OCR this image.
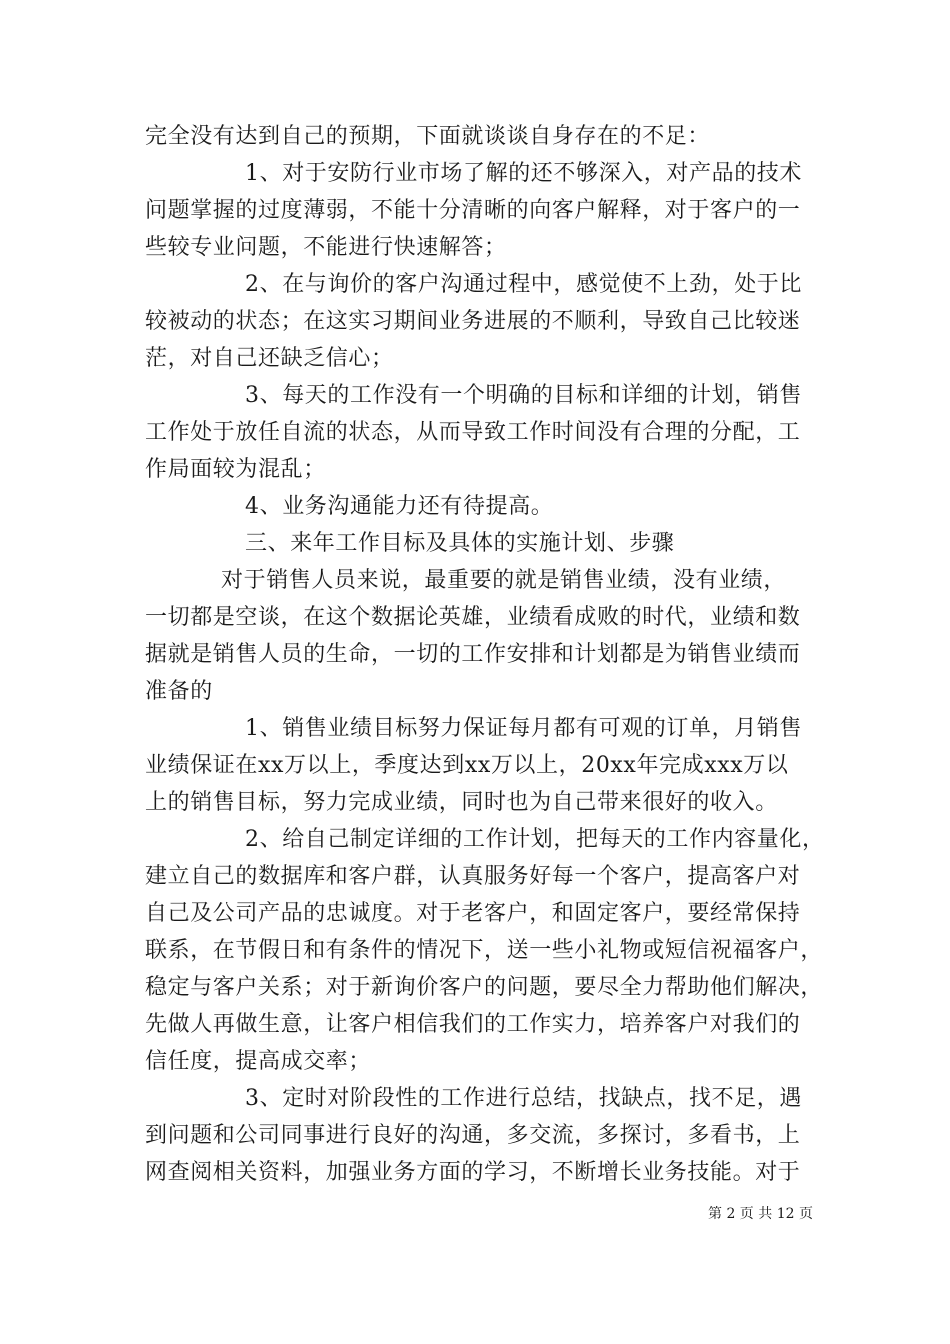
完全没有达到自己的预期，下面就谈谈自身存在的不足：
1、对于安防行业市场了解的还不够深入，对产品的技术
问题掌握的过度薄弱，不能十分清晰的向客户解释，对于客户的一
些较专业问题，不能进行快速解答；
2、在与询价的客户沟通过程中，感觉使不上劲，处于比
较被动的状态；在这实习期间业务进展的不顺利，导致自己比较迷
茫，对自己还缺乏信心；
3、每天的工作没有一个明确的目标和详细的计划，销售
工作处于放任自流的状态，从而导致工作时间没有合理的分配，工
作局面较为混乱；
4、业务沟通能力还有待提高。
三、来年工作目标及具体的实施计划、步骤
对于销售人员来说，最重要的就是销售业绩，没有业绩，
一切都是空谈，在这个数据论英雄，业绩看成败的时代，业绩和数
据就是销售人员的生命，一切的工作安排和计划都是为销售业绩而
准备的
1、销售业绩目标努力保证每月都有可观的订单，月销售
业绩保证在xx万以上，季度达到xx万以上，20xx年完成xxx万以
上的销售目标，努力完成业绩，同时也为自己带来很好的收入。
2、给自己制定详细的工作计划，把每天的工作内容量化，
建立自己的数据库和客户群，认真服务好每一个客户，提高客户对
自己及公司产品的忠诚度。对于老客户，和固定客户，要经常保持
联系，在节假日和有条件的情况下，送一些小礼物或短信祝福客户，
稳定与客户关系；对于新询价客户的问题，要尽全力帮助他们解决，
先做人再做生意，让客户相信我们的工作实力，培养客户对我们的
信任度，提高成交率；
3、定时对阶段性的工作进行总结，找缺点，找不足，遇
到问题和公司同事进行良好的沟通，多交流，多探讨，多看书，上
网查阅相关资料，加强业务方面的学习，不断增长业务技能。对于
第 2 页 共 12 页
